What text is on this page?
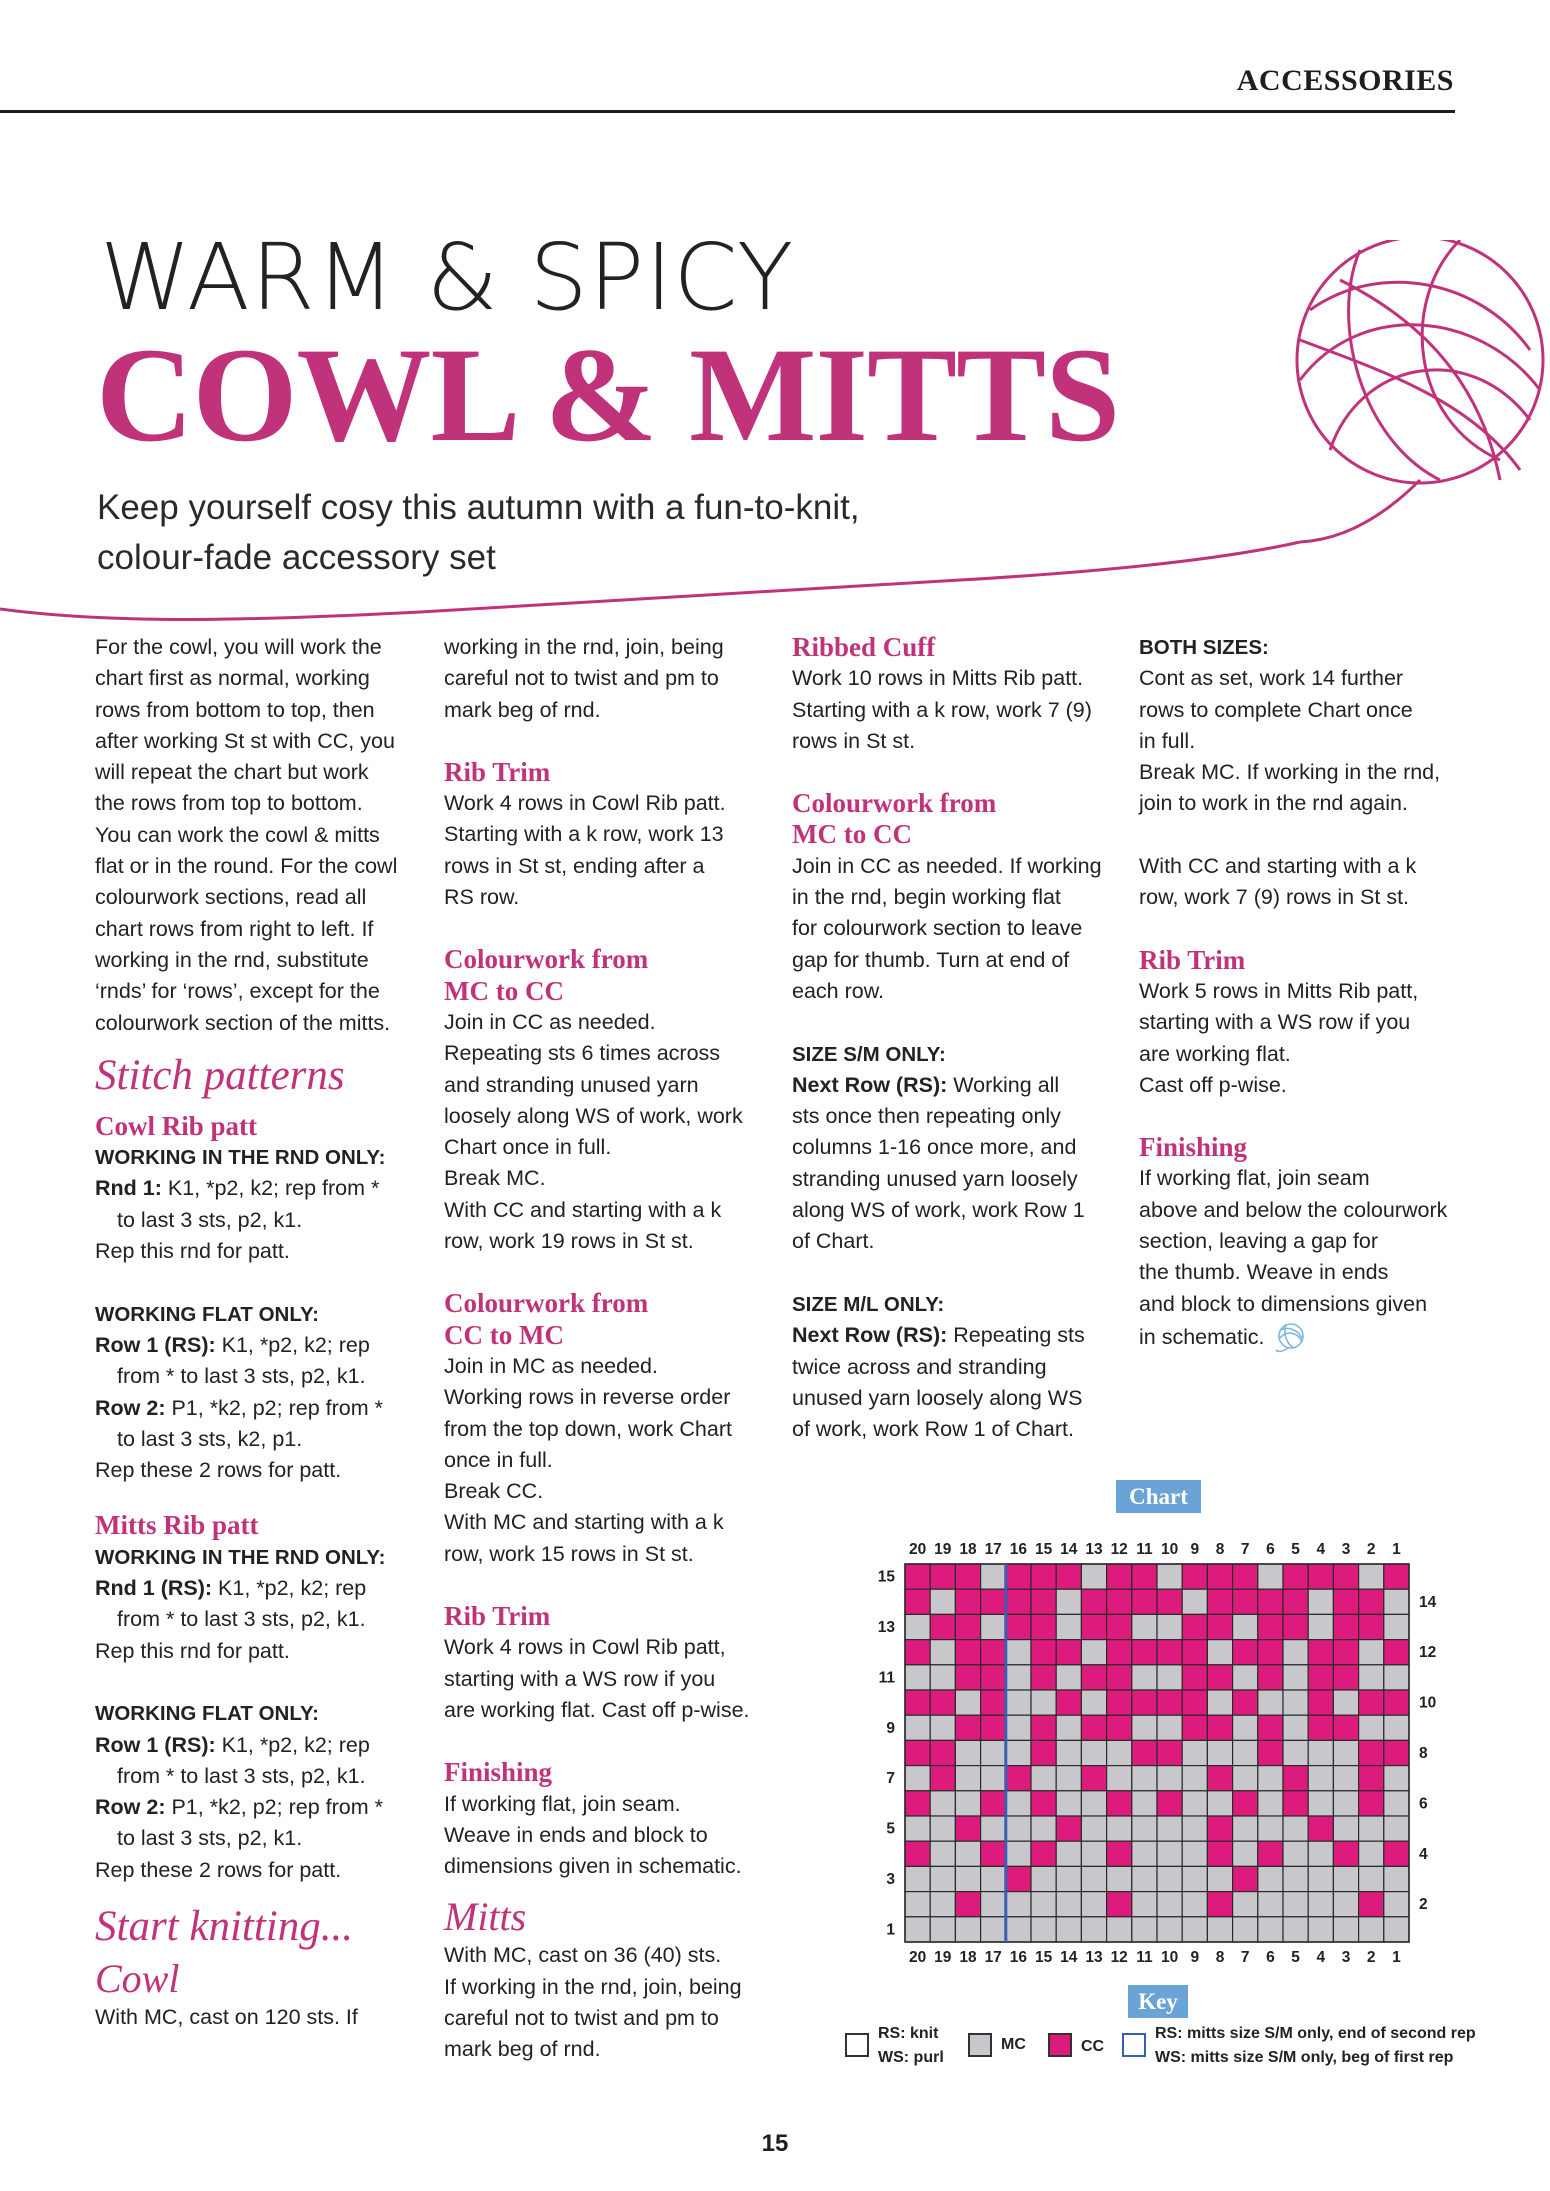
ACCESSORIES
WARM & SPICY
COWL & MITTS
Keep yourself cosy this autumn with a fun-to-knit,
colour-fade accessory set

For the cowl, you will work the

chart first as normal, working

rows from bottom to top, then

after working St st with CC, you

will repeat the chart but work

the rows from top to bottom.

You can work the cowl & mitts

flat or in the round. For the cowl

colourwork sections, read all

chart rows from right to left. If

working in the rnd, substitute

‘rnds’ for ‘rows’, except for the

colourwork section of the mitts.

Stitch patterns

Cowl Rib patt

WORKING IN THE RND ONLY:

Rnd 1: K1, *p2, k2; rep from *

to last 3 sts, p2, k1.

Rep this rnd for patt.

WORKING FLAT ONLY:

Row 1 (RS): K1, *p2, k2; rep

from * to last 3 sts, p2, k1.

Row 2: P1, *k2, p2; rep from *

to last 3 sts, k2, p1.

Rep these 2 rows for patt.

Mitts Rib patt

WORKING IN THE RND ONLY:

Rnd 1 (RS): K1, *p2, k2; rep

from * to last 3 sts, p2, k1.

Rep this rnd for patt.

WORKING FLAT ONLY:

Row 1 (RS): K1, *p2, k2; rep

from * to last 3 sts, p2, k1.

Row 2: P1, *k2, p2; rep from *

to last 3 sts, p2, k1.

Rep these 2 rows for patt.

Start knitting...

Cowl

With MC, cast on 120 sts. If

working in the rnd, join, being

careful not to twist and pm to

mark beg of rnd.

Rib Trim

Work 4 rows in Cowl Rib patt.

Starting with a k row, work 13

rows in St st, ending after a

RS row.

Colourwork from

MC to CC

Join in CC as needed.

Repeating sts 6 times across

and stranding unused yarn

loosely along WS of work, work

Chart once in full.

Break MC.

With CC and starting with a k

row, work 19 rows in St st.

Colourwork from

CC to MC

Join in MC as needed.

Working rows in reverse order

from the top down, work Chart

once in full.

Break CC.

With MC and starting with a k

row, work 15 rows in St st.

Rib Trim

Work 4 rows in Cowl Rib patt,

starting with a WS row if you

are working flat. Cast off p-wise.

Finishing

If working flat, join seam.

Weave in ends and block to

dimensions given in schematic.

Mitts

With MC, cast on 36 (40) sts.

If working in the rnd, join, being

careful not to twist and pm to

mark beg of rnd.

Ribbed Cuff

Work 10 rows in Mitts Rib patt.

Starting with a k row, work 7 (9)

rows in St st.

Colourwork from

MC to CC

Join in CC as needed. If working

in the rnd, begin working flat

for colourwork section to leave

gap for thumb. Turn at end of

each row.

SIZE S/M ONLY:

Next Row (RS): Working all

sts once then repeating only

columns 1-16 once more, and

stranding unused yarn loosely

along WS of work, work Row 1

of Chart.

SIZE M/L ONLY:

Next Row (RS): Repeating sts

twice across and stranding

unused yarn loosely along WS

of work, work Row 1 of Chart.

BOTH SIZES:

Cont as set, work 14 further

rows to complete Chart once

in full.

Break MC. If working in the rnd,

join to work in the rnd again.

With CC and starting with a k

row, work 7 (9) rows in St st.

Rib Trim

Work 5 rows in Mitts Rib patt,

starting with a WS row if you

are working flat.

Cast off p-wise.

Finishing

If working flat, join seam

above and below the colourwork

section, leaving a gap for

the thumb. Weave in ends

and block to dimensions given

in schematic.

Chart
20
20
19
19
18
18
17
17
16
16
15
15
14
14
13
13
12
12
11
11
10
10
9
9
8
8
7
7
6
6
5
5
4
4
3
3
2
2
1
1
15
13
11
9
7
5
3
1
14
12
10
8
6
4
2
Key
RS: knit
WS: purl
MC	CC
RS: mitts size S/M only, end of second rep
WS: mitts size S/M only, beg of first rep
15
